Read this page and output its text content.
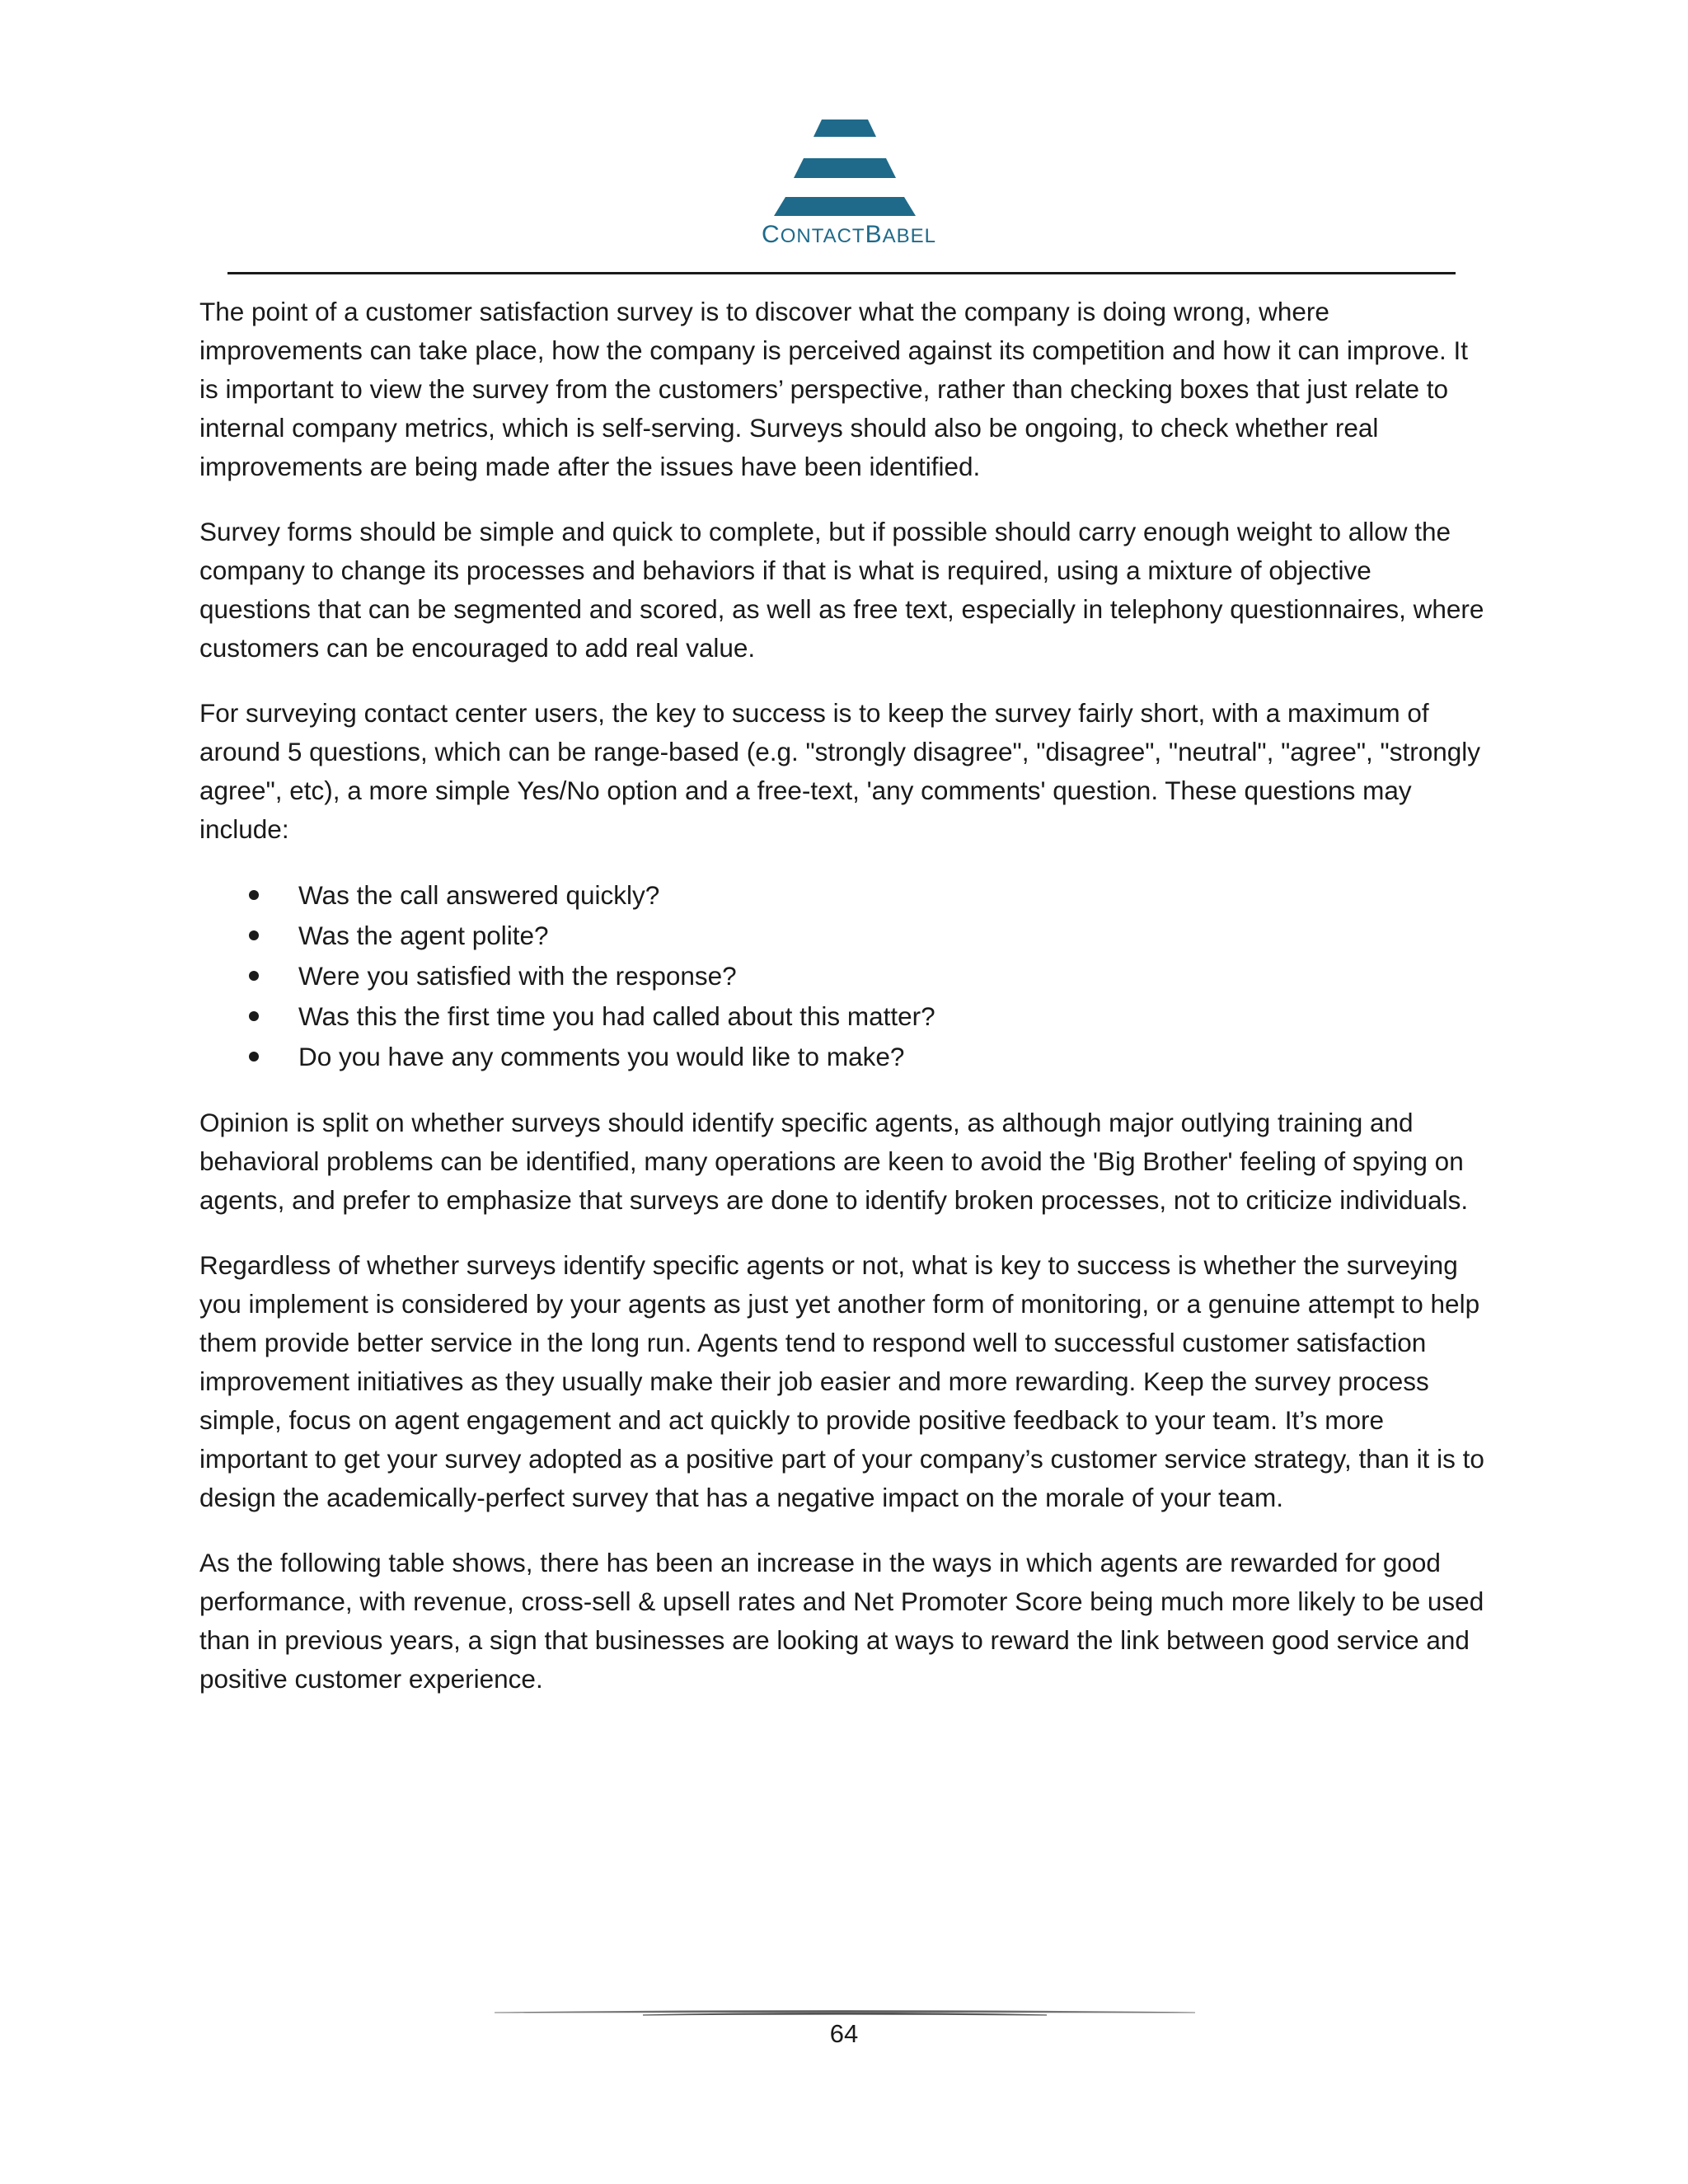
CONTACTBABEL

The point of a customer satisfaction survey is to discover what the company is doing wrong, where improvements can take place, how the company is perceived against its competition and how it can improve. It is important to view the survey from the customers’ perspective, rather than checking boxes that just relate to internal company metrics, which is self-serving. Surveys should also be ongoing, to check whether real improvements are being made after the issues have been identified.

Survey forms should be simple and quick to complete, but if possible should carry enough weight to allow the company to change its processes and behaviors if that is what is required, using a mixture of objective questions that can be segmented and scored, as well as free text, especially in telephony questionnaires, where customers can be encouraged to add real value.

For surveying contact center users, the key to success is to keep the survey fairly short, with a maximum of around 5 questions, which can be range-based (e.g. "strongly disagree", "disagree", "neutral", "agree", "strongly agree", etc), a more simple Yes/No option and a free-text, 'any comments' question. These questions may include:

Was the call answered quickly?
Was the agent polite?
Were you satisfied with the response?
Was this the first time you had called about this matter?
Do you have any comments you would like to make?

Opinion is split on whether surveys should identify specific agents, as although major outlying training and behavioral problems can be identified, many operations are keen to avoid the 'Big Brother' feeling of spying on agents, and prefer to emphasize that surveys are done to identify broken processes, not to criticize individuals.

Regardless of whether surveys identify specific agents or not, what is key to success is whether the surveying you implement is considered by your agents as just yet another form of monitoring, or a genuine attempt to help them provide better service in the long run. Agents tend to respond well to successful customer satisfaction improvement initiatives as they usually make their job easier and more rewarding. Keep the survey process simple, focus on agent engagement and act quickly to provide positive feedback to your team. It’s more important to get your survey adopted as a positive part of your company’s customer service strategy, than it is to design the academically-perfect survey that has a negative impact on the morale of your team.

As the following table shows, there has been an increase in the ways in which agents are rewarded for good performance, with revenue, cross-sell & upsell rates and Net Promoter Score being much more likely to be used than in previous years, a sign that businesses are looking at ways to reward the link between good service and positive customer experience.

64
